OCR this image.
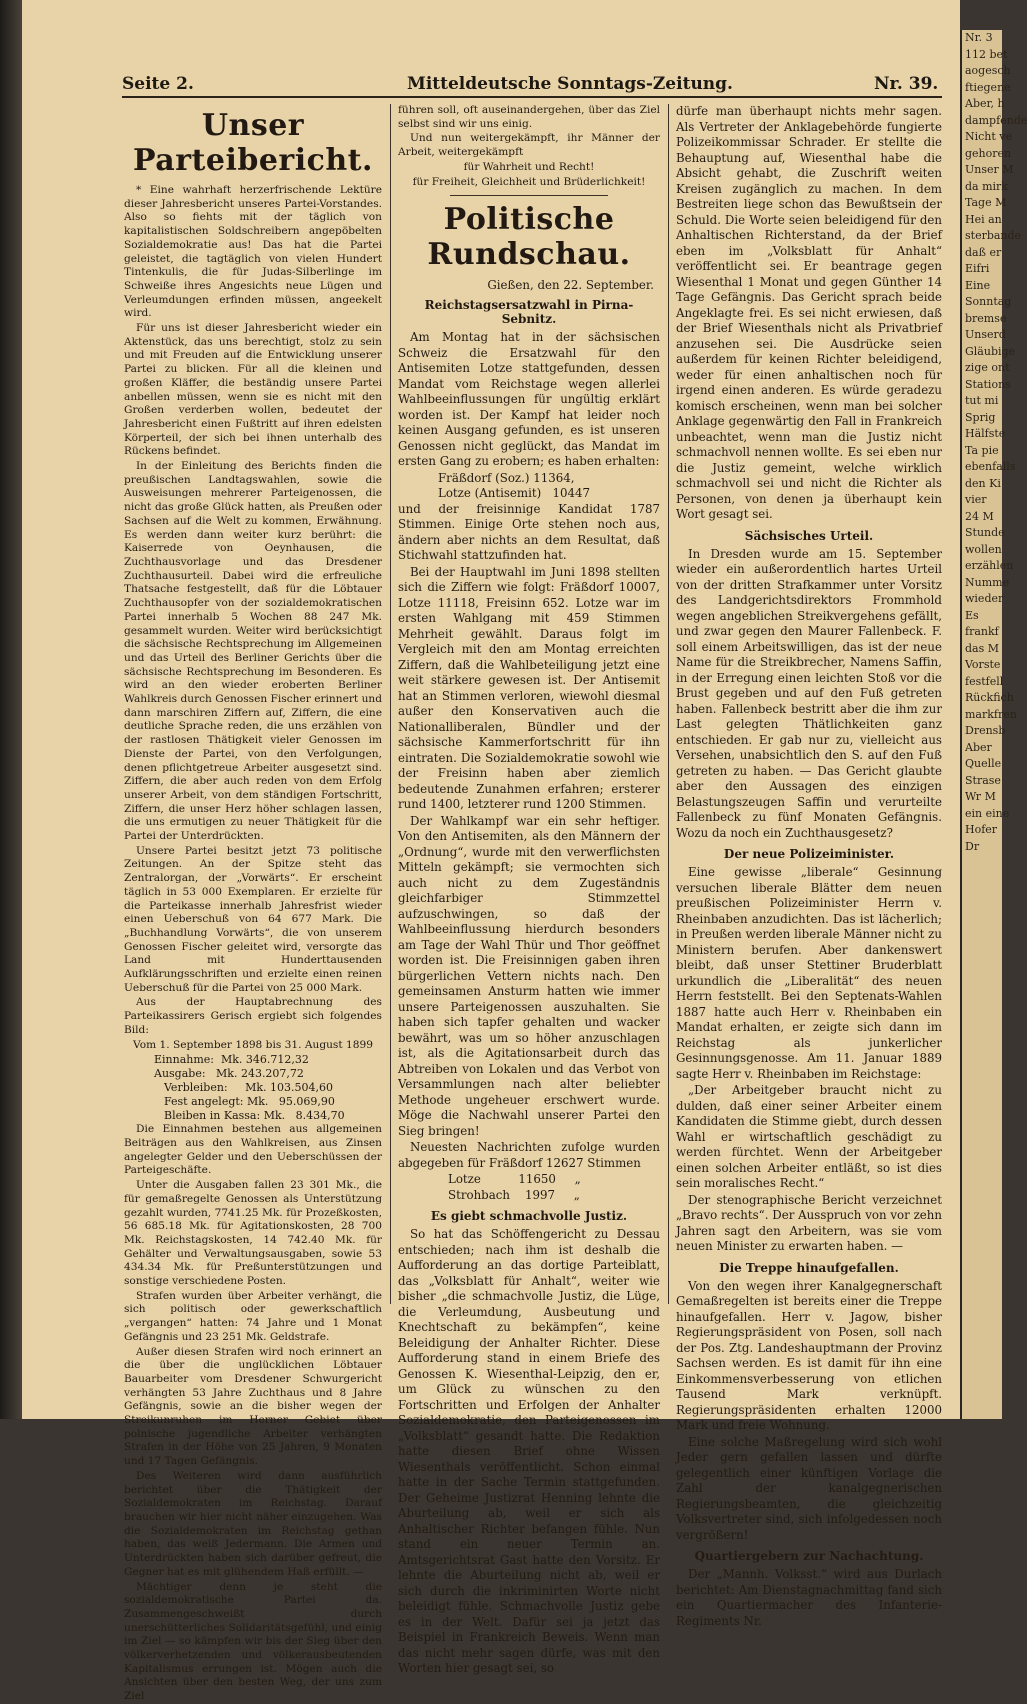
Seite 2.	Mitteldeutsche Sonntags-Zeitung.	Nr. 39.
Unser Parteibericht.

* Eine wahrhaft herzerfrischende Lektüre dieser Jahresbericht unseres Partei-Vorstandes. Also so fiehts mit der täglich von kapitalistischen Soldschreibern angepöbelten Sozialdemokratie aus! Das hat die Partei geleistet, die tagtäglich von vielen Hundert Tintenkulis, die für Judas-Silberlinge im Schweiße ihres Angesichts neue Lügen und Verleumdungen erfinden müssen, angeekelt wird.

Für uns ist dieser Jahresbericht wieder ein Aktenstück, das uns berechtigt, stolz zu sein und mit Freuden auf die Entwicklung unserer Partei zu blicken. Für all die kleinen und großen Kläffer, die beständig unsere Partei anbellen müssen, wenn sie es nicht mit den Großen verderben wollen, bedeutet der Jahresbericht einen Fußtritt auf ihren edelsten Körperteil, der sich bei ihnen unterhalb des Rückens befindet.

In der Einleitung des Berichts finden die preußischen Landtagswahlen, sowie die Ausweisungen mehrerer Parteigenossen, die nicht das große Glück hatten, als Preußen oder Sachsen auf die Welt zu kommen, Erwähnung. Es werden dann weiter kurz berührt: die Kaiserrede von Oeynhausen, die Zuchthausvorlage und das Dresdener Zuchthausurteil. Dabei wird die erfreuliche Thatsache festgestellt, daß für die Löbtauer Zuchthausopfer von der sozialdemokratischen Partei innerhalb 5 Wochen 88 247 Mk. gesammelt wurden. Weiter wird berücksichtigt die sächsische Rechtsprechung im Allgemeinen und das Urteil des Berliner Gerichts über die sächsische Rechtsprechung im Besonderen. Es wird an den wieder eroberten Berliner Wahlkreis durch Genossen Fischer erinnert und dann marschiren Ziffern auf, Ziffern, die eine deutliche Sprache reden, die uns erzählen von der rastlosen Thätigkeit vieler Genossen im Dienste der Partei, von den Verfolgungen, denen pflichtgetreue Arbeiter ausgesetzt sind. Ziffern, die aber auch reden von dem Erfolg unserer Arbeit, von dem ständigen Fortschritt, Ziffern, die unser Herz höher schlagen lassen, die uns ermutigen zu neuer Thätigkeit für die Partei der Unterdrückten.

Unsere Partei besitzt jetzt 73 politische Zeitungen. An der Spitze steht das Zentralorgan, der „Vorwärts“. Er erscheint täglich in 53 000 Exemplaren. Er erzielte für die Parteikasse innerhalb Jahresfrist wieder einen Ueberschuß von 64 677 Mark. Die „Buchhandlung Vorwärts“, die von unserem Genossen Fischer geleitet wird, versorgte das Land mit Hunderttausenden Aufklärungsschriften und erzielte einen reinen Ueberschuß für die Partei von 25 000 Mark.

Aus der Hauptabrechnung des Parteikassirers Gerisch ergiebt sich folgendes Bild:

Vom 1. September 1898 bis 31. August 1899

Einnahme:  Mk. 346.712,32

Ausgabe:   Mk. 243.207,72

Verbleiben:     Mk. 103.504,60

Fest angelegt: Mk.   95.069,90

Bleiben in Kassa: Mk.   8.434,70

Die Einnahmen bestehen aus allgemeinen Beiträgen aus den Wahlkreisen, aus Zinsen angelegter Gelder und den Ueberschüssen der Parteigeschäfte.

Unter die Ausgaben fallen 23 301 Mk., die für gemaßregelte Genossen als Unterstützung gezahlt wurden, 7741.25 Mk. für Prozeßkosten, 56 685.18 Mk. für Agitationskosten, 28 700 Mk. Reichstagskosten, 14 742.40 Mk. für Gehälter und Verwaltungsausgaben, sowie 53 434.34 Mk. für Preßunterstützungen und sonstige verschiedene Posten.

Strafen wurden über Arbeiter verhängt, die sich politisch oder gewerkschaftlich „vergangen“ hatten: 74 Jahre und 1 Monat Gefängnis und 23 251 Mk. Geldstrafe.

Außer diesen Strafen wird noch erinnert an die über die unglücklichen Löbtauer Bauarbeiter vom Dresdener Schwurgericht verhängten 53 Jahre Zuchthaus und 8 Jahre Gefängnis, sowie an die bisher wegen der Streikunruhen im Herner Gebiet über polnische jugendliche Arbeiter verhängten Strafen in der Höhe von 25 Jahren, 9 Monaten und 17 Tagen Gefängnis.

Des Weiteren wird dann ausführlich berichtet über die Thätigkeit der Sozialdemokraten im Reichstag. Darauf brauchen wir hier nicht näher einzugehen. Was die Sozialdemokraten im Reichstag gethan haben, das weiß Jedermann. Die Armen und Unterdrückten haben sich darüber gefreut, die Gegner hat es mit glühendem Haß erfüllt. —

Mächtiger denn je steht die sozialdemokratische Partei da. Zusammengeschweißt durch unerschütterliches Solidaritätsgefühl, und einig im Ziel — so kämpfen wir bis der Sieg über den völkerverhetzenden und völkerausbeutenden Kapitalismus errungen ist. Mögen auch die Ansichten über den besten Weg, der uns zum Ziel

führen soll, oft auseinandergehen, über das Ziel selbst sind wir uns einig.

Und nun weitergekämpft, ihr Männer der Arbeit, weitergekämpft

für Wahrheit und Recht!

für Freiheit, Gleichheit und Brüderlichkeit!

Politische Rundschau.
Gießen, den 22. September.
Reichstagsersatzwahl in Pirna-Sebnitz.

Am Montag hat in der sächsischen Schweiz die Ersatzwahl für den Antisemiten Lotze stattgefunden, dessen Mandat vom Reichstage wegen allerlei Wahlbeeinflussungen für ungültig erklärt worden ist. Der Kampf hat leider noch keinen Ausgang gefunden, es ist unseren Genossen nicht geglückt, das Mandat im ersten Gang zu erobern; es haben erhalten:

Fräßdorf (Soz.) 11364,

Lotze (Antisemit)   10447

und der freisinnige Kandidat 1787 Stimmen. Einige Orte stehen noch aus, ändern aber nichts an dem Resultat, daß Stichwahl stattzufinden hat.

Bei der Hauptwahl im Juni 1898 stellten sich die Ziffern wie folgt: Fräßdorf 10007, Lotze 11118, Freisinn 652. Lotze war im ersten Wahlgang mit 459 Stimmen Mehrheit gewählt. Daraus folgt im Vergleich mit den am Montag erreichten Ziffern, daß die Wahlbeteiligung jetzt eine weit stärkere gewesen ist. Der Antisemit hat an Stimmen verloren, wiewohl diesmal außer den Konservativen auch die Nationalliberalen, Bündler und der sächsische Kammerfortschritt für ihn eintraten. Die Sozialdemokratie sowohl wie der Freisinn haben aber ziemlich bedeutende Zunahmen erfahren; ersterer rund 1400, letzterer rund 1200 Stimmen.

Der Wahlkampf war ein sehr heftiger. Von den Antisemiten, als den Männern der „Ordnung“, wurde mit den verwerflichsten Mitteln gekämpft; sie vermochten sich auch nicht zu dem Zugeständnis gleichfarbiger Stimmzettel aufzuschwingen, so daß der Wahlbeeinflussung hierdurch besonders am Tage der Wahl Thür und Thor geöffnet worden ist. Die Freisinnigen gaben ihren bürgerlichen Vettern nichts nach. Den gemeinsamen Ansturm hatten wie immer unsere Parteigenossen auszuhalten. Sie haben sich tapfer gehalten und wacker bewährt, was um so höher anzuschlagen ist, als die Agitationsarbeit durch das Abtreiben von Lokalen und das Verbot von Versammlungen nach alter beliebter Methode ungeheuer erschwert wurde. Möge die Nachwahl unserer Partei den Sieg bringen!

Neuesten Nachrichten zufolge wurden abgegeben für Fräßdorf 12627 Stimmen

Lotze          11650     „

Strohbach    1997     „

Es giebt schmachvolle Justiz.

So hat das Schöffengericht zu Dessau entschieden; nach ihm ist deshalb die Aufforderung an das dortige Parteiblatt, das „Volksblatt für Anhalt“, weiter wie bisher „die schmachvolle Justiz, die Lüge, die Verleumdung, Ausbeutung und Knechtschaft zu bekämpfen“, keine Beleidigung der Anhalter Richter. Diese Aufforderung stand in einem Briefe des Genossen K. Wiesenthal-Leipzig, den er, um Glück zu wünschen zu den Fortschritten und Erfolgen der Anhalter Sozialdemokratie, den Parteigenossen im „Volksblatt“ gesandt hatte. Die Redaktion hatte diesen Brief ohne Wissen Wiesenthals veröffentlicht. Schon einmal hatte in der Sache Termin stattgefunden. Der Geheime Justizrat Henning lehnte die Aburteilung ab, weil er sich als Anhaltischer Richter befangen fühle. Nun stand ein neuer Termin an. Amtsgerichtsrat Gast hatte den Vorsitz. Er lehnte die Aburteilung nicht ab, weil er sich durch die inkriminirten Worte nicht beleidigt fühle. Schmachvolle Justiz gebe es in der Welt. Dafür sei ja jetzt das Beispiel in Frankreich Beweis. Wenn man das nicht mehr sagen dürfe, was mit den Worten hier gesagt sei, so

dürfe man überhaupt nichts mehr sagen. Als Vertreter der Anklagebehörde fungierte Polizeikommissar Schrader. Er stellte die Behauptung auf, Wiesenthal habe die Absicht gehabt, die Zuschrift weiten Kreisen zugänglich zu machen. In dem Bestreiten liege schon das Bewußtsein der Schuld. Die Worte seien beleidigend für den Anhaltischen Richterstand, da der Brief eben im „Volksblatt für Anhalt“ veröffentlicht sei. Er beantrage gegen Wiesenthal 1 Monat und gegen Günther 14 Tage Gefängnis. Das Gericht sprach beide Angeklagte frei. Es sei nicht erwiesen, daß der Brief Wiesenthals nicht als Privatbrief anzusehen sei. Die Ausdrücke seien außerdem für keinen Richter beleidigend, weder für einen anhaltischen noch für irgend einen anderen. Es würde geradezu komisch erscheinen, wenn man bei solcher Anklage gegenwärtig den Fall in Frankreich unbeachtet, wenn man die Justiz nicht schmachvoll nennen wollte. Es sei eben nur die Justiz gemeint, welche wirklich schmachvoll sei und nicht die Richter als Personen, von denen ja überhaupt kein Wort gesagt sei.

Sächsisches Urteil.

In Dresden wurde am 15. September wieder ein außerordentlich hartes Urteil von der dritten Strafkammer unter Vorsitz des Landgerichtsdirektors Frommhold wegen angeblichen Streikvergehens gefällt, und zwar gegen den Maurer Fallenbeck. F. soll einem Arbeitswilligen, das ist der neue Name für die Streikbrecher, Namens Saffin, in der Erregung einen leichten Stoß vor die Brust gegeben und auf den Fuß getreten haben. Fallenbeck bestritt aber die ihm zur Last gelegten Thätlichkeiten ganz entschieden. Er gab nur zu, vielleicht aus Versehen, unabsichtlich den S. auf den Fuß getreten zu haben. — Das Gericht glaubte aber den Aussagen des einzigen Belastungszeugen Saffin und verurteilte Fallenbeck zu fünf Monaten Gefängnis. Wozu da noch ein Zuchthausgesetz?

Der neue Polizeiminister.

Eine gewisse „liberale“ Gesinnung versuchen liberale Blätter dem neuen preußischen Polizeiminister Herrn v. Rheinbaben anzudichten. Das ist lächerlich; in Preußen werden liberale Männer nicht zu Ministern berufen. Aber dankenswert bleibt, daß unser Stettiner Bruderblatt urkundlich die „Liberalität“ des neuen Herrn feststellt. Bei den Septenats-Wahlen 1887 hatte auch Herr v. Rheinbaben ein Mandat erhalten, er zeigte sich dann im Reichstag als junkerlicher Gesinnungsgenosse. Am 11. Januar 1889 sagte Herr v. Rheinbaben im Reichstage:

„Der Arbeitgeber braucht nicht zu dulden, daß einer seiner Arbeiter einem Kandidaten die Stimme giebt, durch dessen Wahl er wirtschaftlich geschädigt zu werden fürchtet. Wenn der Arbeitgeber einen solchen Arbeiter entläßt, so ist dies sein moralisches Recht.“

Der stenographische Bericht verzeichnet „Bravo rechts“. Der Ausspruch von vor zehn Jahren sagt den Arbeitern, was sie vom neuen Minister zu erwarten haben. —

Die Treppe hinaufgefallen.

Von den wegen ihrer Kanalgegnerschaft Gemaßregelten ist bereits einer die Treppe hinaufgefallen. Herr v. Jagow, bisher Regierungspräsident von Posen, soll nach der Pos. Ztg. Landeshauptmann der Provinz Sachsen werden. Es ist damit für ihn eine Einkommensverbesserung von etlichen Tausend Mark verknüpft. Regierungspräsidenten erhalten 12000 Mark und freie Wohnung.

Eine solche Maßregelung wird sich wohl Jeder gern gefallen lassen und dürfte gelegentlich einer künftigen Vorlage die Zahl der kanalgegnerischen Regierungsbeamten, die gleichzeitig Volksvertreter sind, sich infolgedessen noch vergrößern!

Quartiergebern zur Nachachtung.

Der „Mannh. Volksst.“ wird aus Durlach berichtet: Am Dienstagnachmittag fand sich ein Quartiermacher des Infanterie-Regiments Nr.

Nr. 3
112 bet
aogesch
ftiegene
Aber, h
dampfende
Nicht ve
gehoren
Unser M
da mirk
Tage M
Hei an
sterbande
daß er
Eifri
Eine
Sonntag
bremse
Unserd
Gläubige
zige ont
Stations
tut mi
Sprig
Hälfste
Ta pie
ebenfalls
den Ki
vier
24 M
Stunde
wollen
erzählen
Numme
wieder
Es
frankf
das M
Vorste
festfell
Rückfich
markfren
Drensb
Aber
Quelle
Strase
Wr M
ein eine
Hofer
Dr
